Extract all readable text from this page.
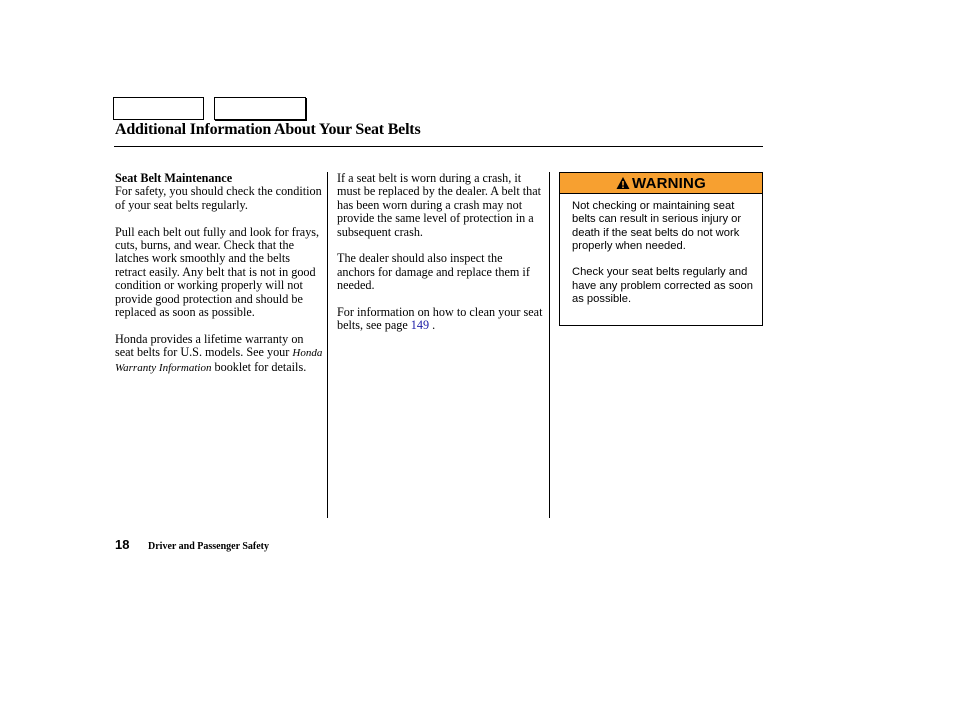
Additional Information About Your Seat Belts

Seat Belt Maintenance
For safety, you should check the condition of your seat belts regularly.

Pull each belt out fully and look for frays, cuts, burns, and wear. Check that the latches work smoothly and the belts retract easily. Any belt that is not in good condition or working properly will not provide good protection and should be replaced as soon as possible.

Honda provides a lifetime warranty on seat belts for U.S. models. See your Honda Warranty Information booklet for details.

If a seat belt is worn during a crash, it must be replaced by the dealer. A belt that has been worn during a crash may not provide the same level of protection in a subsequent crash.

The dealer should also inspect the anchors for damage and replace them if needed.

For information on how to clean your seat belts, see page 149 .

WARNING

Not checking or maintaining seat belts can result in serious injury or death if the seat belts do not work properly when needed.

Check your seat belts regularly and have any problem corrected as soon as possible.

18 Driver and Passenger Safety
